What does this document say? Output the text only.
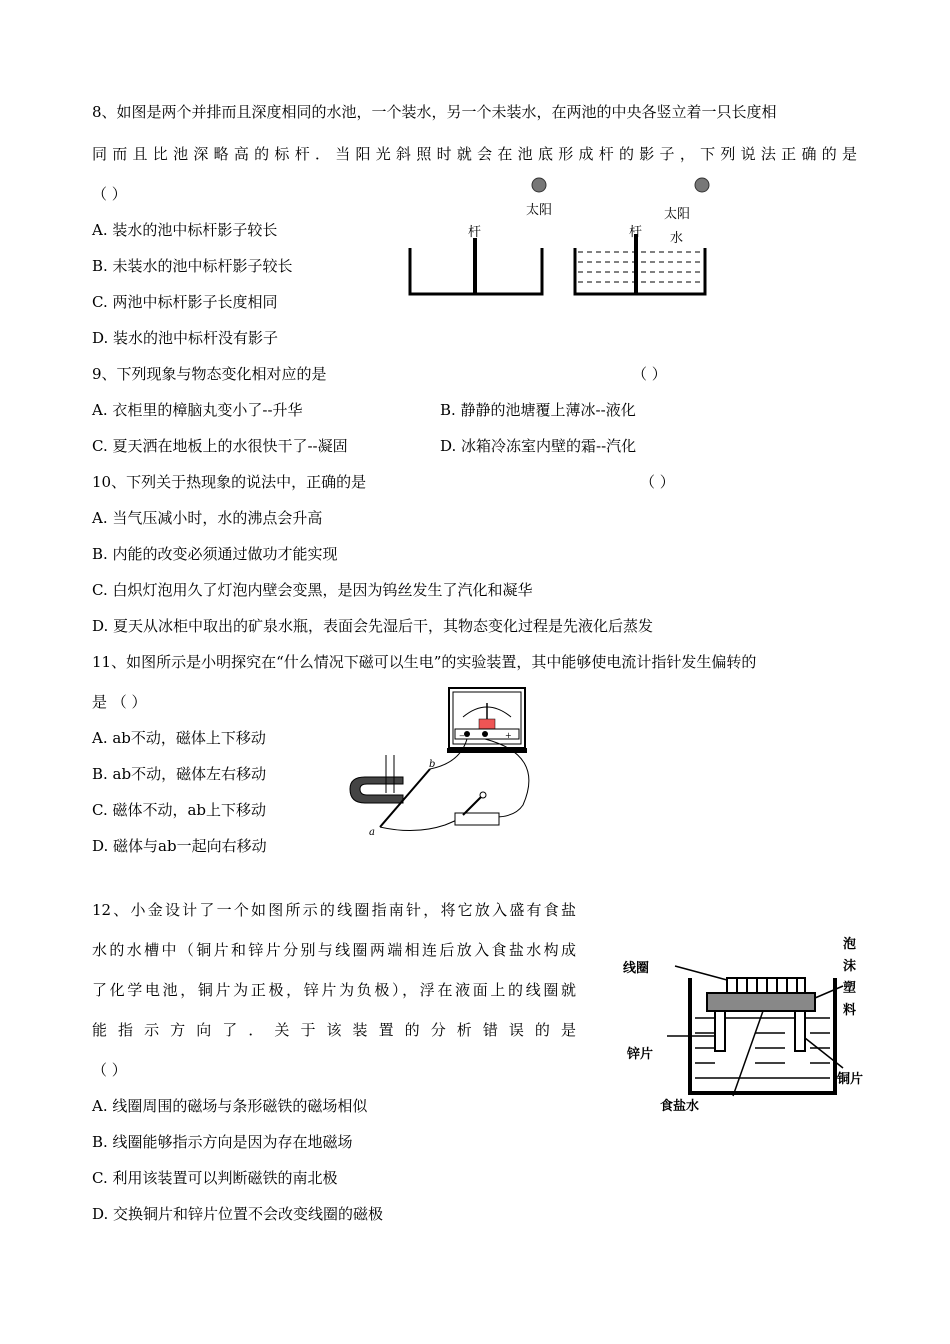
8、如图是两个并排而且深度相同的水池，一个装水，另一个未装水，在两池的中央各竖立着一只长度相
同而且比池深略高的标杆．当阳光斜照时就会在池底形成杆的影子，下列说法正确的是
（ ）
A. 装水的池中标杆影子较长
B. 未装水的池中标杆影子较长
C. 两池中标杆影子长度相同
D. 装水的池中标杆没有影子
太阳
杆
太阳
杆 水
9、下列现象与物态变化相对应的是	（ ）
A. 衣柜里的樟脑丸变小了--升华	B. 静静的池塘覆上薄冰--液化
C. 夏天洒在地板上的水很快干了--凝固	D. 冰箱冷冻室内壁的霜--汽化
10、下列关于热现象的说法中，正确的是	（ ）
A. 当气压减小时，水的沸点会升高
B. 内能的改变必须通过做功才能实现
C. 白炽灯泡用久了灯泡内壁会变黑，是因为钨丝发生了汽化和凝华
D. 夏天从冰柜中取出的矿泉水瓶，表面会先湿后干，其物态变化过程是先液化后蒸发
11、如图所示是小明探究在“什么情况下磁可以生电”的实验装置，其中能够使电流计指针发生偏转的
是 （ ）
A. ab不动，磁体上下移动
B. ab不动，磁体左右移动
C. 磁体不动，ab上下移动
D. 磁体与ab一起向右移动
−	+
b
a
12、小金设计了一个如图所示的线圈指南针，将它放入盛有食盐
水的水槽中（铜片和锌片分别与线圈两端相连后放入食盐水构成
了化学电池，铜片为正极，锌片为负极），浮在液面上的线圈就
能指示方向了．关于该装置的分析错误的是
（ ）
A. 线圈周围的磁场与条形磁铁的磁场相似
B. 线圈能够指示方向是因为存在地磁场
C. 利用该装置可以判断磁铁的南北极
D. 交换铜片和锌片位置不会改变线圈的磁极
线圈
泡
沫
塑
料
锌片
铜片
食盐水
